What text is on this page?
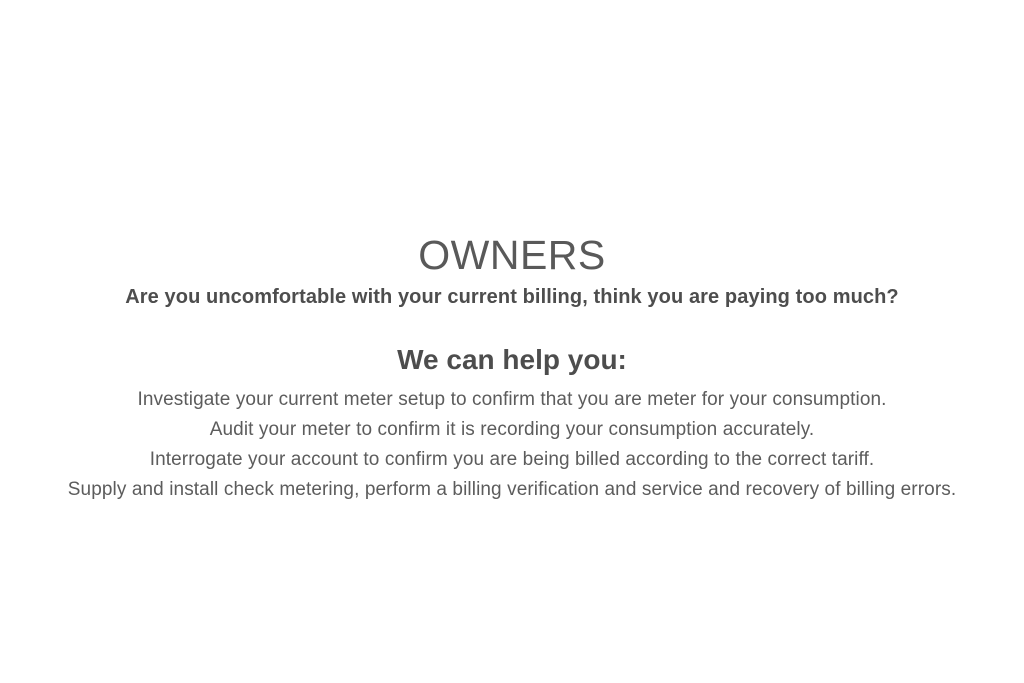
OWNERS

Are you uncomfortable with your current billing, think you are paying too much?

We can help you:
Investigate your current meter setup to confirm that you are meter for your consumption.
Audit your meter to confirm it is recording your consumption accurately.
Interrogate your account to confirm you are being billed according to the correct tariff.
Supply and install check metering, perform a billing verification and service and recovery of billing errors.
